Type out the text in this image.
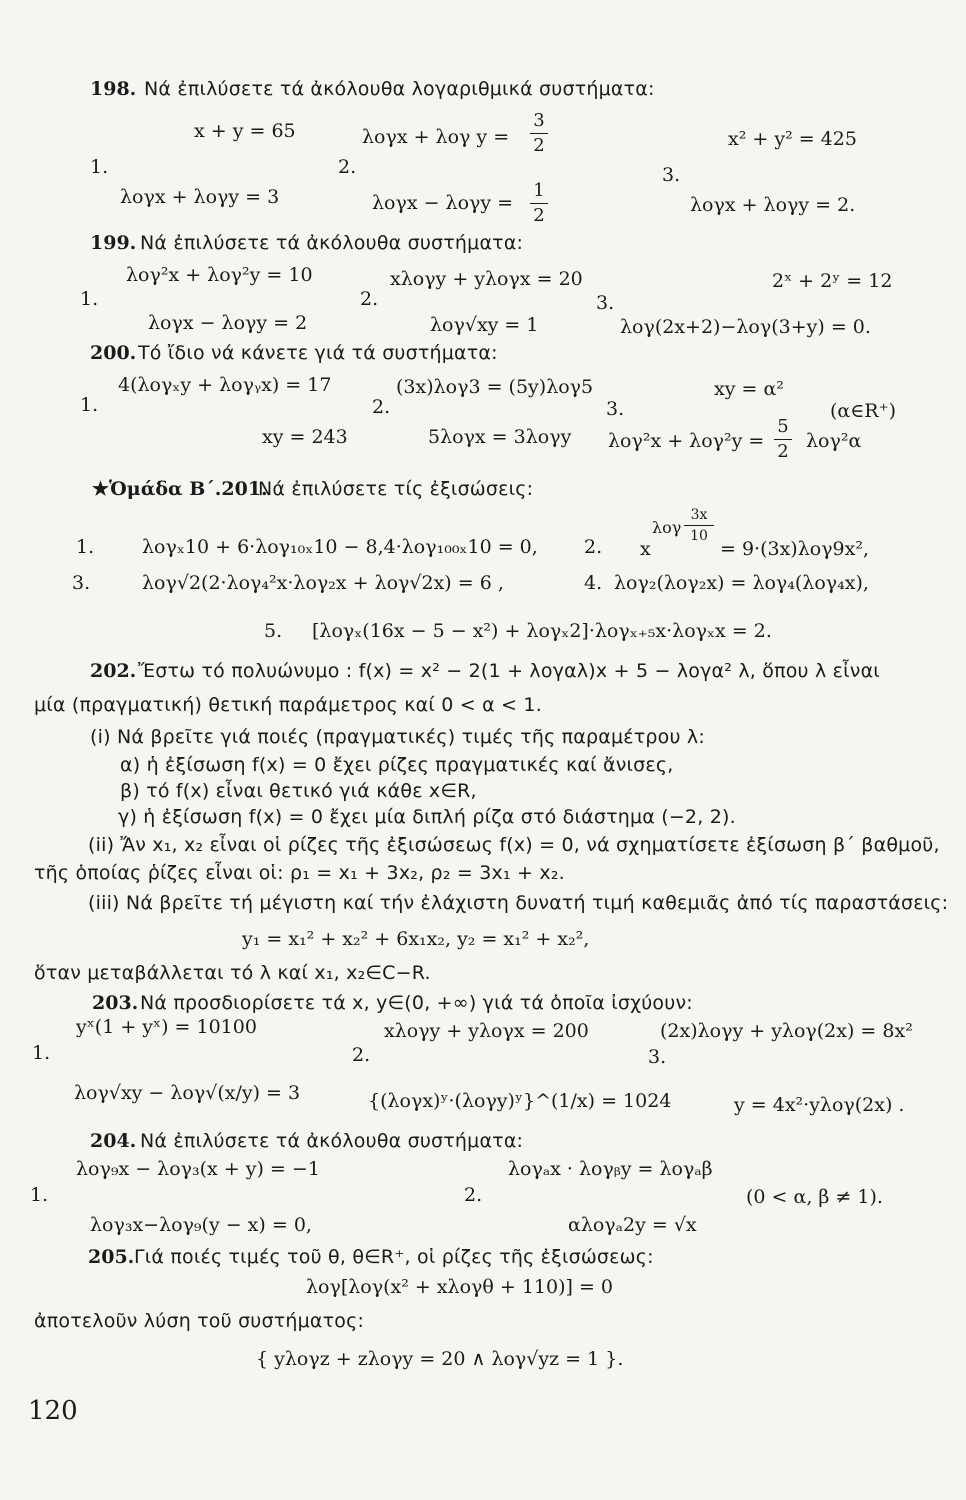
198. Νά ἐπιλύσετε τά ἀκόλουθα λογαριθμικά συστήματα:
x + y = 65
1.
λογx + λογy = 3
λογx + λογ y =
3
2
2.
λογx − λογy =
1
2
x² + y² = 425
3.
λογx + λογy = 2.
199. Νά ἐπιλύσετε τά ἀκόλουθα συστήματα:
λογ²x + λογ²y = 10
1.
λογx − λογy = 2
xλογy + yλογx = 20
2.
λογ√xy = 1
2ˣ + 2ʸ = 12
3.
λογ(2x+2)−λογ(3+y) = 0.
200. Τό ἴδιο νά κάνετε γιά τά συστήματα:
4(λογₓy + λογᵧx) = 17
1.
xy = 243
(3x)λογ3 = (5y)λογ5
2.
5λογx = 3λογy
xy = α²
3.	(α∈R⁺)
λογ²x + λογ²y =
5
2 λογ²α
★Ὁμάδα Β΄.201.
Νά ἐπιλύσετε τίς ἐξισώσεις:
1.	λογₓ10 + 6·λογ₁₀ₓ10 − 8,4·λογ₁₀₀ₓ10 = 0, 2. x
λογ
3x
10
= 9·(3x)λογ9x²,
3.	λογ√2(2·λογ₄²x·λογ₂x + λογ√2x) = 6 ,	4. λογ₂(λογ₂x) = λογ₄(λογ₄x),
5. [λογₓ(16x − 5 − x²) + λογₓ2]·λογₓ₊₅x·λογₓx = 2.
202. Ἔστω τό πολυώνυμο : f(x) = x² − 2(1 + λογαλ)x + 5 − λογα² λ, ὅπου λ εἶναι
μία (πραγματική) θετική παράμετρος καί 0 < α < 1.
(i) Νά βρεῖτε γιά ποιές (πραγματικές) τιμές τῆς παραμέτρου λ:
α) ἡ ἐξίσωση f(x) = 0 ἔχει ρίζες πραγματικές καί ἄνισες,
β) τό f(x) εἶναι θετικό γιά κάθε x∈R,
γ) ἡ ἐξίσωση f(x) = 0 ἔχει μία διπλή ρίζα στό διάστημα (−2, 2).
(ii) Ἄν x₁, x₂ εἶναι οἱ ρίζες τῆς ἐξισώσεως f(x) = 0, νά σχηματίσετε ἐξίσωση β΄ βαθμοῦ,
τῆς ὁποίας ῥίζες εἶναι οἱ: ρ₁ = x₁ + 3x₂, ρ₂ = 3x₁ + x₂.
(iii) Νά βρεῖτε τή μέγιστη καί τήν ἐλάχιστη δυνατή τιμή καθεμιᾶς ἀπό τίς παραστάσεις:
y₁ = x₁² + x₂² + 6x₁x₂, y₂ = x₁² + x₂²,
ὅταν μεταβάλλεται τό λ καί x₁, x₂∈C−R.
203. Νά προσδιορίσετε τά x, y∈(0, +∞) γιά τά ὁποῖα ἰσχύουν:
yˣ(1 + yˣ) = 10100
1.
λογ√xy − λογ√(x/y) = 3
xλογy + yλογx = 200
2.
{(λογx)ʸ·(λογy)ʸ}^(1/x) = 1024
(2x)λογy + yλογ(2x) = 8x²
3.
y = 4x²·yλογ(2x) .
204. Νά ἐπιλύσετε τά ἀκόλουθα συστήματα:
λογ₉x − λογ₃(x + y) = −1
1.
λογ₃x−λογ₉(y − x) = 0,
λογₐx · λογᵦy = λογₐβ
2.	(0 < α, β ≠ 1).
αλογₐ2y = √x
205. Γιά ποιές τιμές τοῦ θ, θ∈R⁺, οἱ ρίζες τῆς ἐξισώσεως:
λογ[λογ(x² + xλογθ + 110)] = 0
ἀποτελοῦν λύση τοῦ συστήματος:
{ yλογz + zλογy = 20 ∧ λογ√yz = 1 }.
120
